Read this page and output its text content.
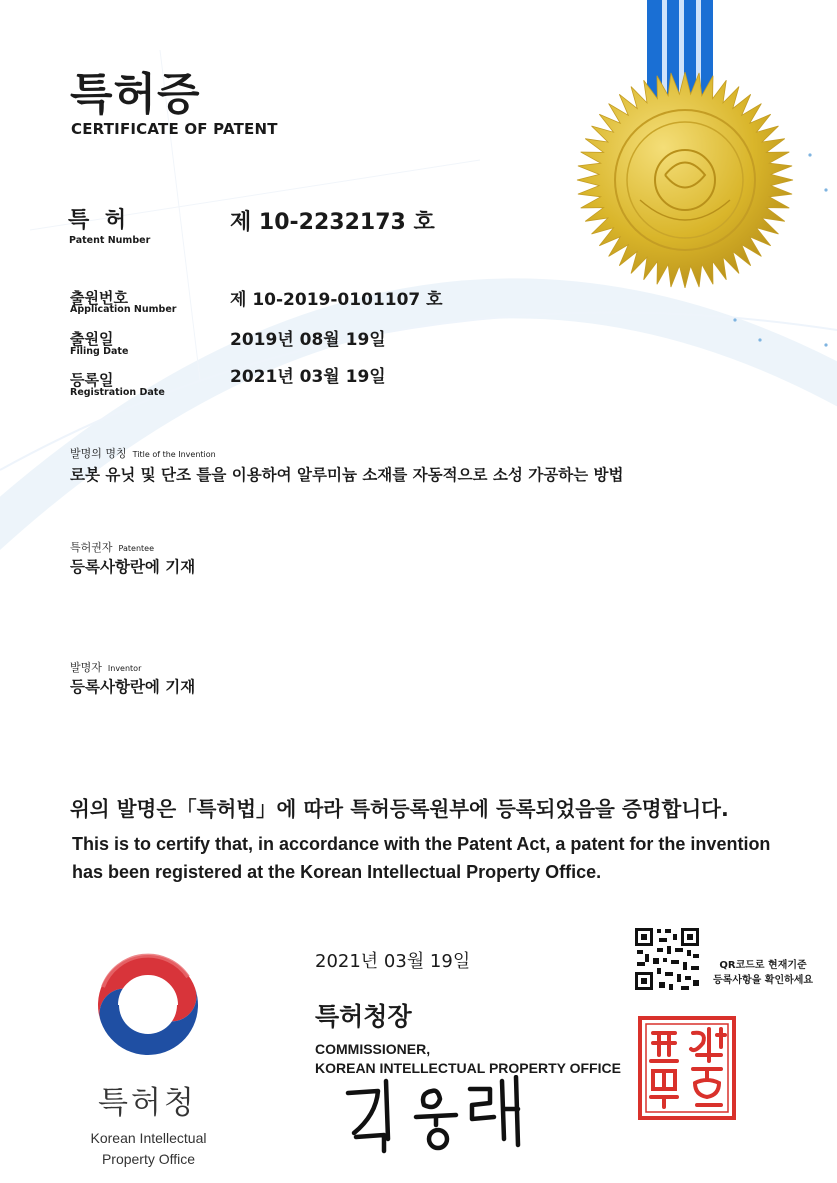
특허증
CERTIFICATE OF PATENT
특 허
Patent Number
제 10-2232173 호
출원번호
Application Number	제 10-2019-0101107 호
출원일
Filing Date
2019년 08월 19일
등록일
Registration Date
2021년 03월 19일
발명의 명칭 Title of the Invention
로봇 유닛 및 단조 틀을 이용하여 알루미늄 소재를 자동적으로 소성 가공하는 방법
특허권자 Patentee
등록사항란에 기재
발명자 Inventor
등록사항란에 기재
위의 발명은「특허법」에 따라 특허등록원부에 등록되었음을 증명합니다.
This is to certify that, in accordance with the Patent Act, a patent for the invention has been registered at the Korean Intellectual Property Office.
2021년 03월 19일
특허청장
COMMISSIONER,
KOREAN INTELLECTUAL PROPERTY OFFICE
QR코드로 현재기준
등록사항을 확인하세요
특허청
Korean Intellectual
Property Office
